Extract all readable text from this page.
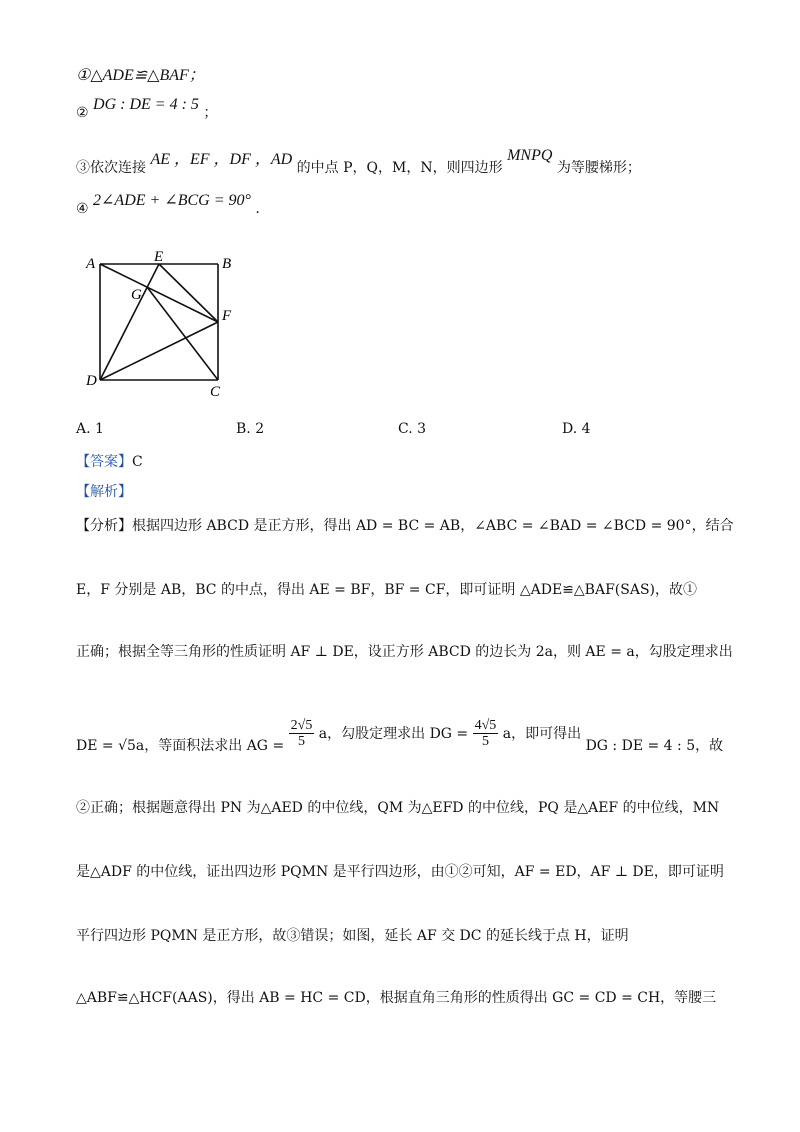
①△ADE≌△BAF；
② DG : DE = 4 : 5 ；
③依次连接 AE ，EF ，DF ，AD 的中点 P，Q，M，N，则四边形 MNPQ 为等腰梯形；
④ 2∠ADE + ∠BCG = 90° .
A	E	B
G
F
D
C
A. 1	B. 2	C. 3	D. 4
【答案】C
【解析】
【分析】根据四边形 ABCD 是正方形，得出 AD = BC = AB，∠ABC = ∠BAD = ∠BCD = 90°，结合
E，F 分别是 AB，BC 的中点，得出 AE = BF，BF = CF，即可证明 △ADE≌△BAF(SAS)，故①
正确；根据全等三角形的性质证明 AF ⊥ DE，设正方形 ABCD 的边长为 2a，则 AE = a，勾股定理求出
DE = √5a，等面积法求出 AG = $\frac{2√5}{5}$ a，勾股定理求出 DG = $\frac{4√5}{5}$ a，即可得出 DG : DE = 4 : 5，故
②正确；根据题意得出 PN 为△AED 的中位线，QM 为△EFD 的中位线，PQ 是△AEF 的中位线，MN
是△ADF 的中位线，证出四边形 PQMN 是平行四边形，由①②可知，AF = ED，AF ⊥ DE，即可证明
平行四边形 PQMN 是正方形，故③错误；如图，延长 AF 交 DC 的延长线于点 H，证明
△ABF≌△HCF(AAS)，得出 AB = HC = CD，根据直角三角形的性质得出 GC = CD = CH，等腰三
